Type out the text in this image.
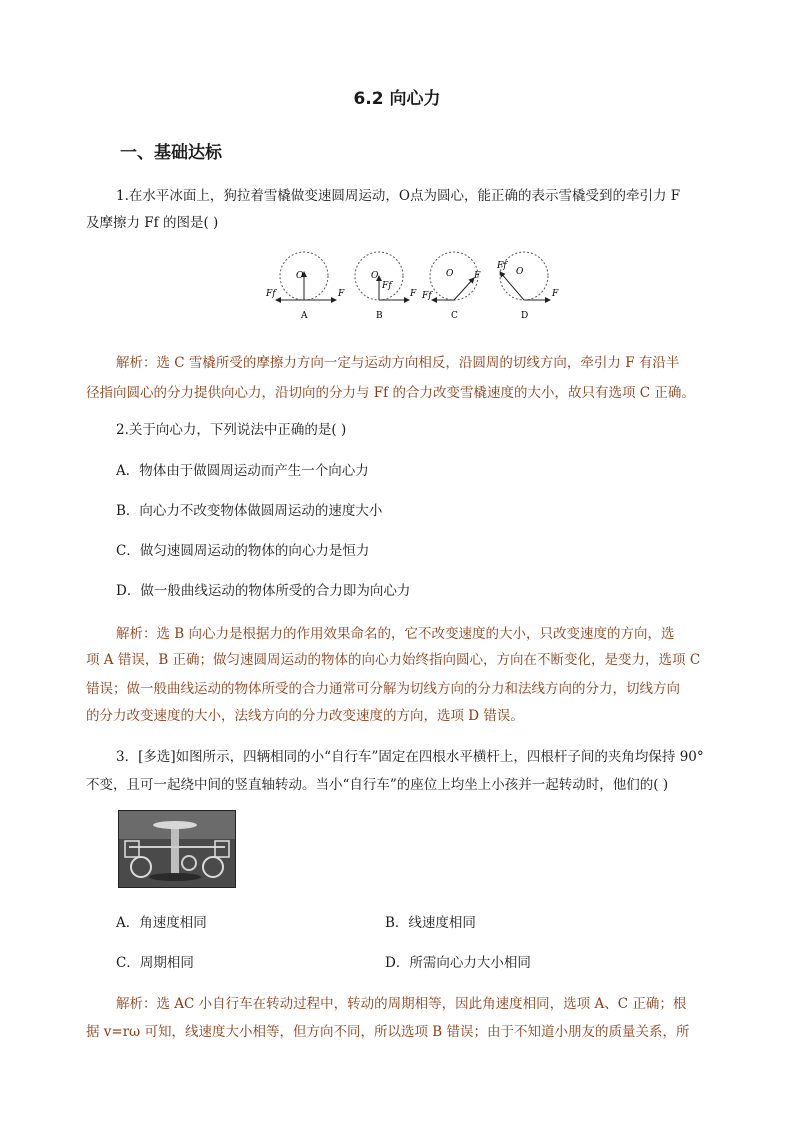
6.2 向心力
一、基础达标
1.在水平冰面上，狗拉着雪橇做变速圆周运动，O点为圆心，能正确的表示雪橇受到的牵引力 F
及摩擦力 Ff 的图是( )
O
F
Ff
A
O
Ff
F
B
O F
Ff
C
O
Ff
F
D
解析：选 C 雪橇所受的摩擦力方向一定与运动方向相反，沿圆周的切线方向，牵引力 F 有沿半
径指向圆心的分力提供向心力，沿切向的分力与 Ff 的合力改变雪橇速度的大小，故只有选项 C 正确。
2.关于向心力，下列说法中正确的是( )
A．物体由于做圆周运动而产生一个向心力
B．向心力不改变物体做圆周运动的速度大小
C．做匀速圆周运动的物体的向心力是恒力
D．做一般曲线运动的物体所受的合力即为向心力
解析：选 B 向心力是根据力的作用效果命名的，它不改变速度的大小，只改变速度的方向，选
项 A 错误，B 正确；做匀速圆周运动的物体的向心力始终指向圆心，方向在不断变化，是变力，选项 C
错误；做一般曲线运动的物体所受的合力通常可分解为切线方向的分力和法线方向的分力，切线方向
的分力改变速度的大小，法线方向的分力改变速度的方向，选项 D 错误。
3．[多选]如图所示，四辆相同的小“自行车”固定在四根水平横杆上，四根杆子间的夹角均保持 90°
不变，且可一起绕中间的竖直轴转动。当小“自行车”的座位上均坐上小孩并一起转动时，他们的( )
A．角速度相同	B．线速度相同
C．周期相同	D．所需向心力大小相同
解析：选 AC 小自行车在转动过程中，转动的周期相等，因此角速度相同，选项 A、C 正确；根
据 v=rω 可知，线速度大小相等，但方向不同，所以选项 B 错误；由于不知道小朋友的质量关系，所
